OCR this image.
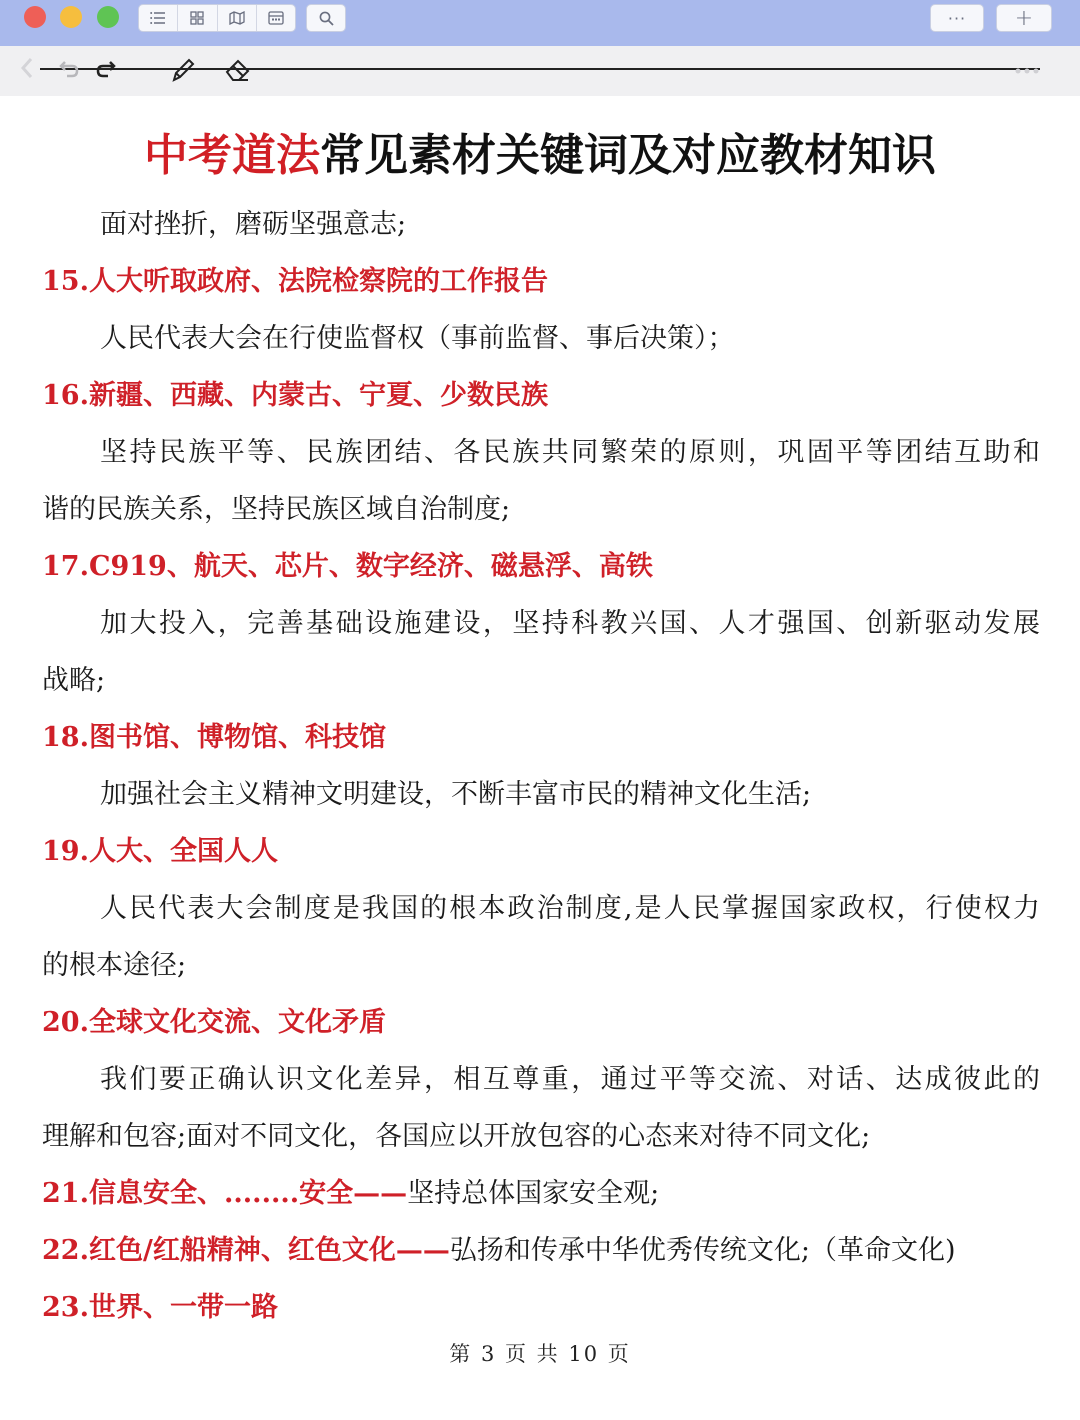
···	+
中考道法常见素材关键词及对应教材知识
面对挫折，磨砺坚强意志;
15.人大听取政府、法院检察院的工作报告
人民代表大会在行使监督权（事前监督、事后决策）；
16.新疆、西藏、内蒙古、宁夏、少数民族
坚持民族平等、民族团结、各民族共同繁荣的原则，巩固平等团结互助和
谐的民族关系，坚持民族区域自治制度;
17.C919、航天、芯片、数字经济、磁悬浮、高铁
加大投入，完善基础设施建设，坚持科教兴国、人才强国、创新驱动发展
战略;
18.图书馆、博物馆、科技馆
加强社会主义精神文明建设，不断丰富市民的精神文化生活;
19.人大、全国人人
人民代表大会制度是我国的根本政治制度,是人民掌握国家政权，行使权力
的根本途径;
20.全球文化交流、文化矛盾
我们要正确认识文化差异，相互尊重，通过平等交流、对话、达成彼此的
理解和包容;面对不同文化，各国应以开放包容的心态来对待不同文化;
21.信息安全、........安全——坚持总体国家安全观;
22.红色/红船精神、红色文化——弘扬和传承中华优秀传统文化;（革命文化)
23.世界、一带一路
第 3 页 共 10 页
